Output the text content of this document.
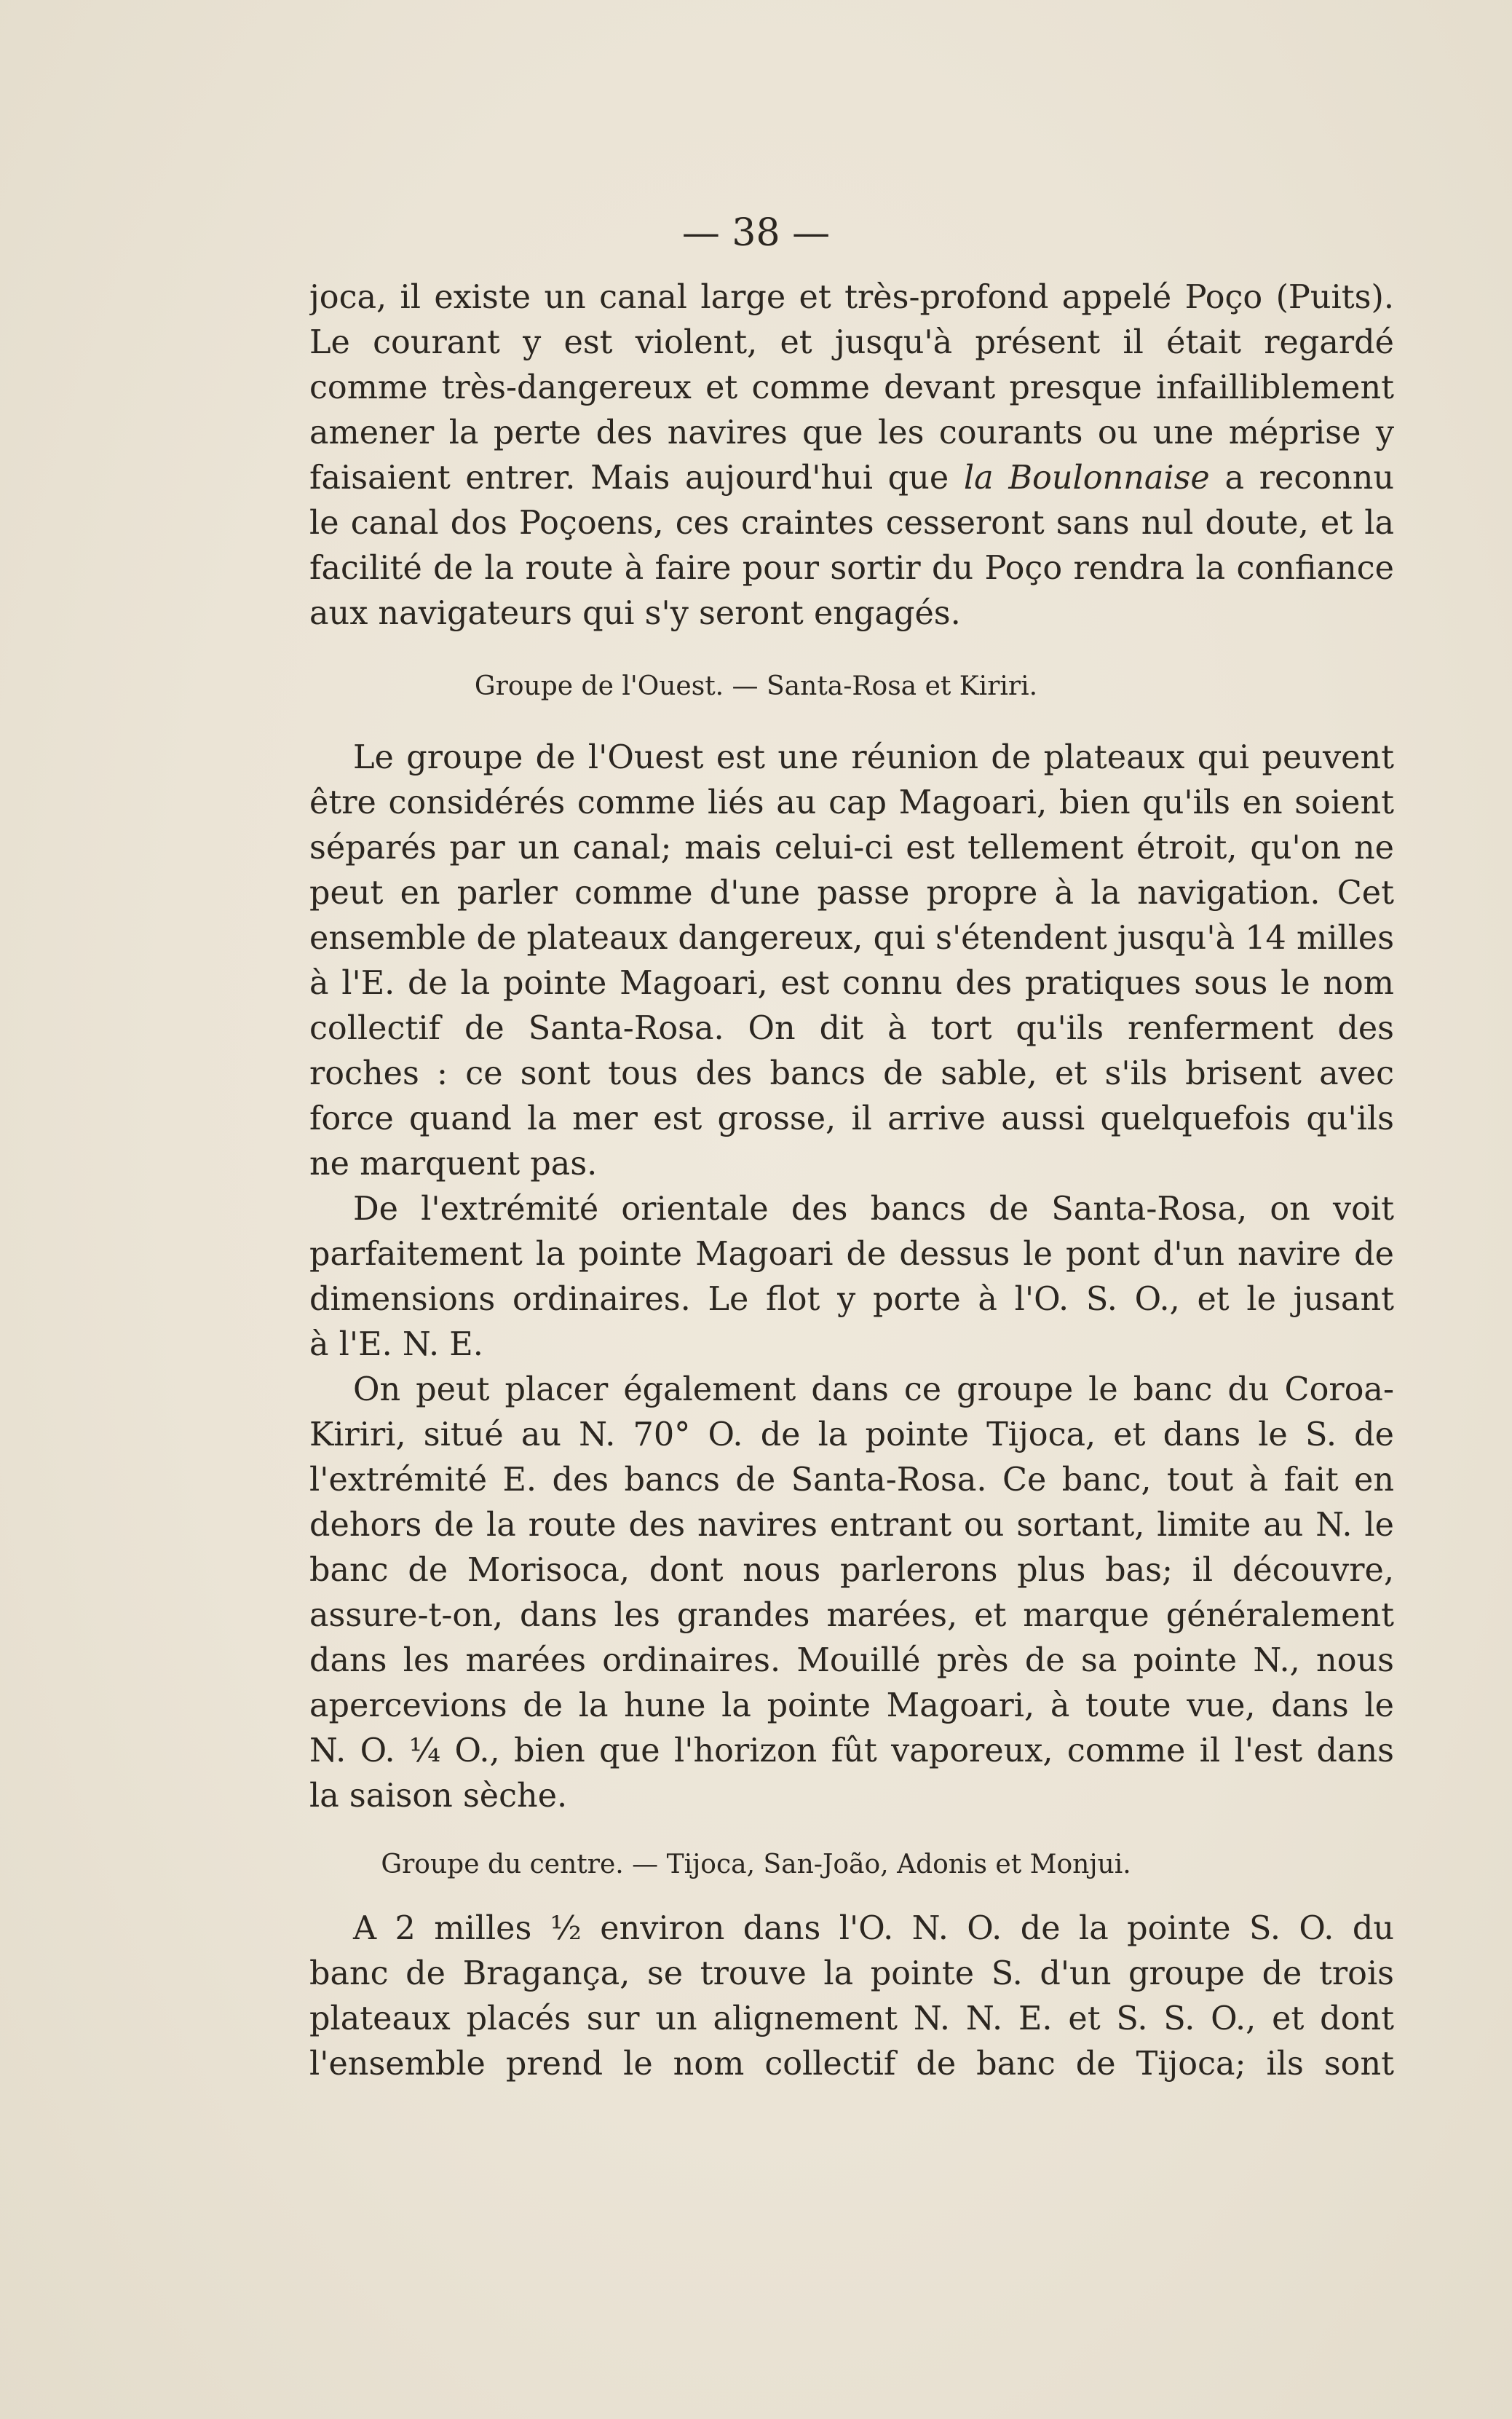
— 38 —
joca, il existe un canal large et très-profond appelé Poço (Puits).
Le courant y est violent, et jusqu'à présent il était regardé
comme très-dangereux et comme devant presque infailliblement
amener la perte des navires que les courants ou une méprise y
faisaient entrer. Mais aujourd'hui que la Boulonnaise a reconnu
le canal dos Poçoens, ces craintes cesseront sans nul doute, et la
facilité de la route à faire pour sortir du Poço rendra la confiance
aux navigateurs qui s'y seront engagés.
Groupe de l'Ouest. — Santa-Rosa et Kiriri.
Le groupe de l'Ouest est une réunion de plateaux qui peuvent
être considérés comme liés au cap Magoari, bien qu'ils en soient
séparés par un canal; mais celui-ci est tellement étroit, qu'on ne
peut en parler comme d'une passe propre à la navigation. Cet
ensemble de plateaux dangereux, qui s'étendent jusqu'à 14 milles
à l'E. de la pointe Magoari, est connu des pratiques sous le nom
collectif de Santa-Rosa. On dit à tort qu'ils renferment des
roches : ce sont tous des bancs de sable, et s'ils brisent avec
force quand la mer est grosse, il arrive aussi quelquefois qu'ils
ne marquent pas.
De l'extrémité orientale des bancs de Santa-Rosa, on voit
parfaitement la pointe Magoari de dessus le pont d'un navire de
dimensions ordinaires. Le flot y porte à l'O. S. O., et le jusant
à l'E. N. E.
On peut placer également dans ce groupe le banc du Coroa-
Kiriri, situé au N. 70° O. de la pointe Tijoca, et dans le S. de
l'extrémité E. des bancs de Santa-Rosa. Ce banc, tout à fait en
dehors de la route des navires entrant ou sortant, limite au N. le
banc de Morisoca, dont nous parlerons plus bas; il découvre,
assure-t-on, dans les grandes marées, et marque généralement
dans les marées ordinaires. Mouillé près de sa pointe N., nous
apercevions de la hune la pointe Magoari, à toute vue, dans le
N. O. ¼ O., bien que l'horizon fût vaporeux, comme il l'est dans
la saison sèche.
Groupe du centre. — Tijoca, San-João, Adonis et Monjui.
A 2 milles ½ environ dans l'O. N. O. de la pointe S. O. du
banc de Bragança, se trouve la pointe S. d'un groupe de trois
plateaux placés sur un alignement N. N. E. et S. S. O., et dont
l'ensemble prend le nom collectif de banc de Tijoca; ils sont
